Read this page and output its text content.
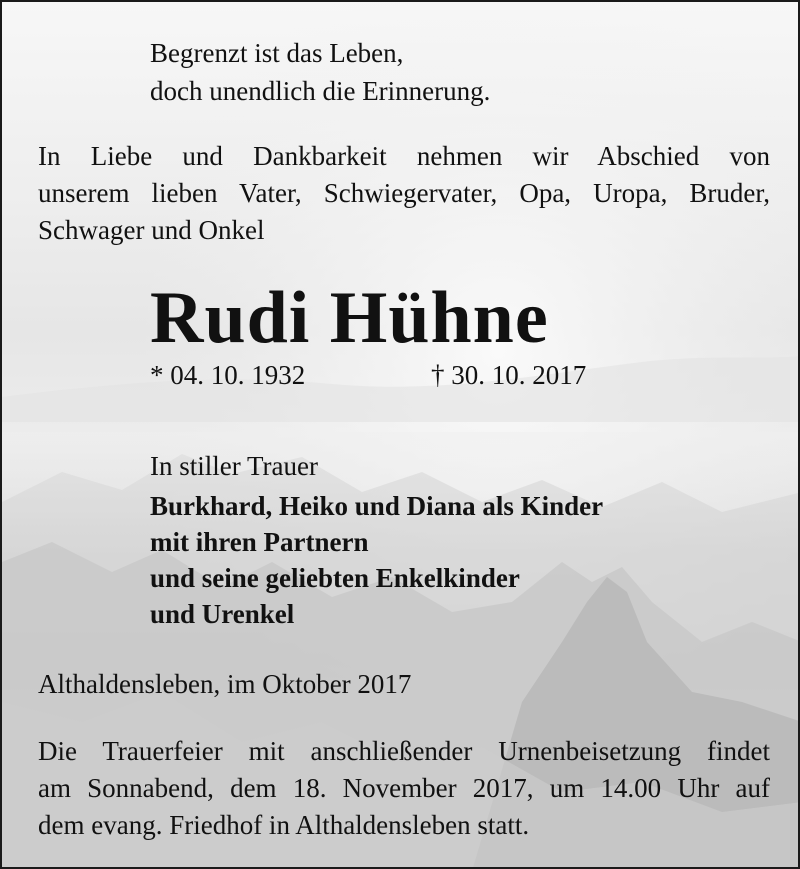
Begrenzt ist das Leben,
doch unendlich die Erinnerung.
In Liebe und Dankbarkeit nehmen wir Abschied von
unserem lieben Vater, Schwiegervater, Opa, Uropa, Bruder,
Schwager und Onkel
Rudi Hühne
* 04. 10. 1932	† 30. 10. 2017
In stiller Trauer
Burkhard, Heiko und Diana als Kinder
mit ihren Partnern
und seine geliebten Enkelkinder
und Urenkel
Althaldensleben, im Oktober 2017
Die Trauerfeier mit anschließender Urnenbeisetzung findet
am Sonnabend, dem 18. November 2017, um 14.00 Uhr auf
dem evang. Friedhof in Althaldensleben statt.
